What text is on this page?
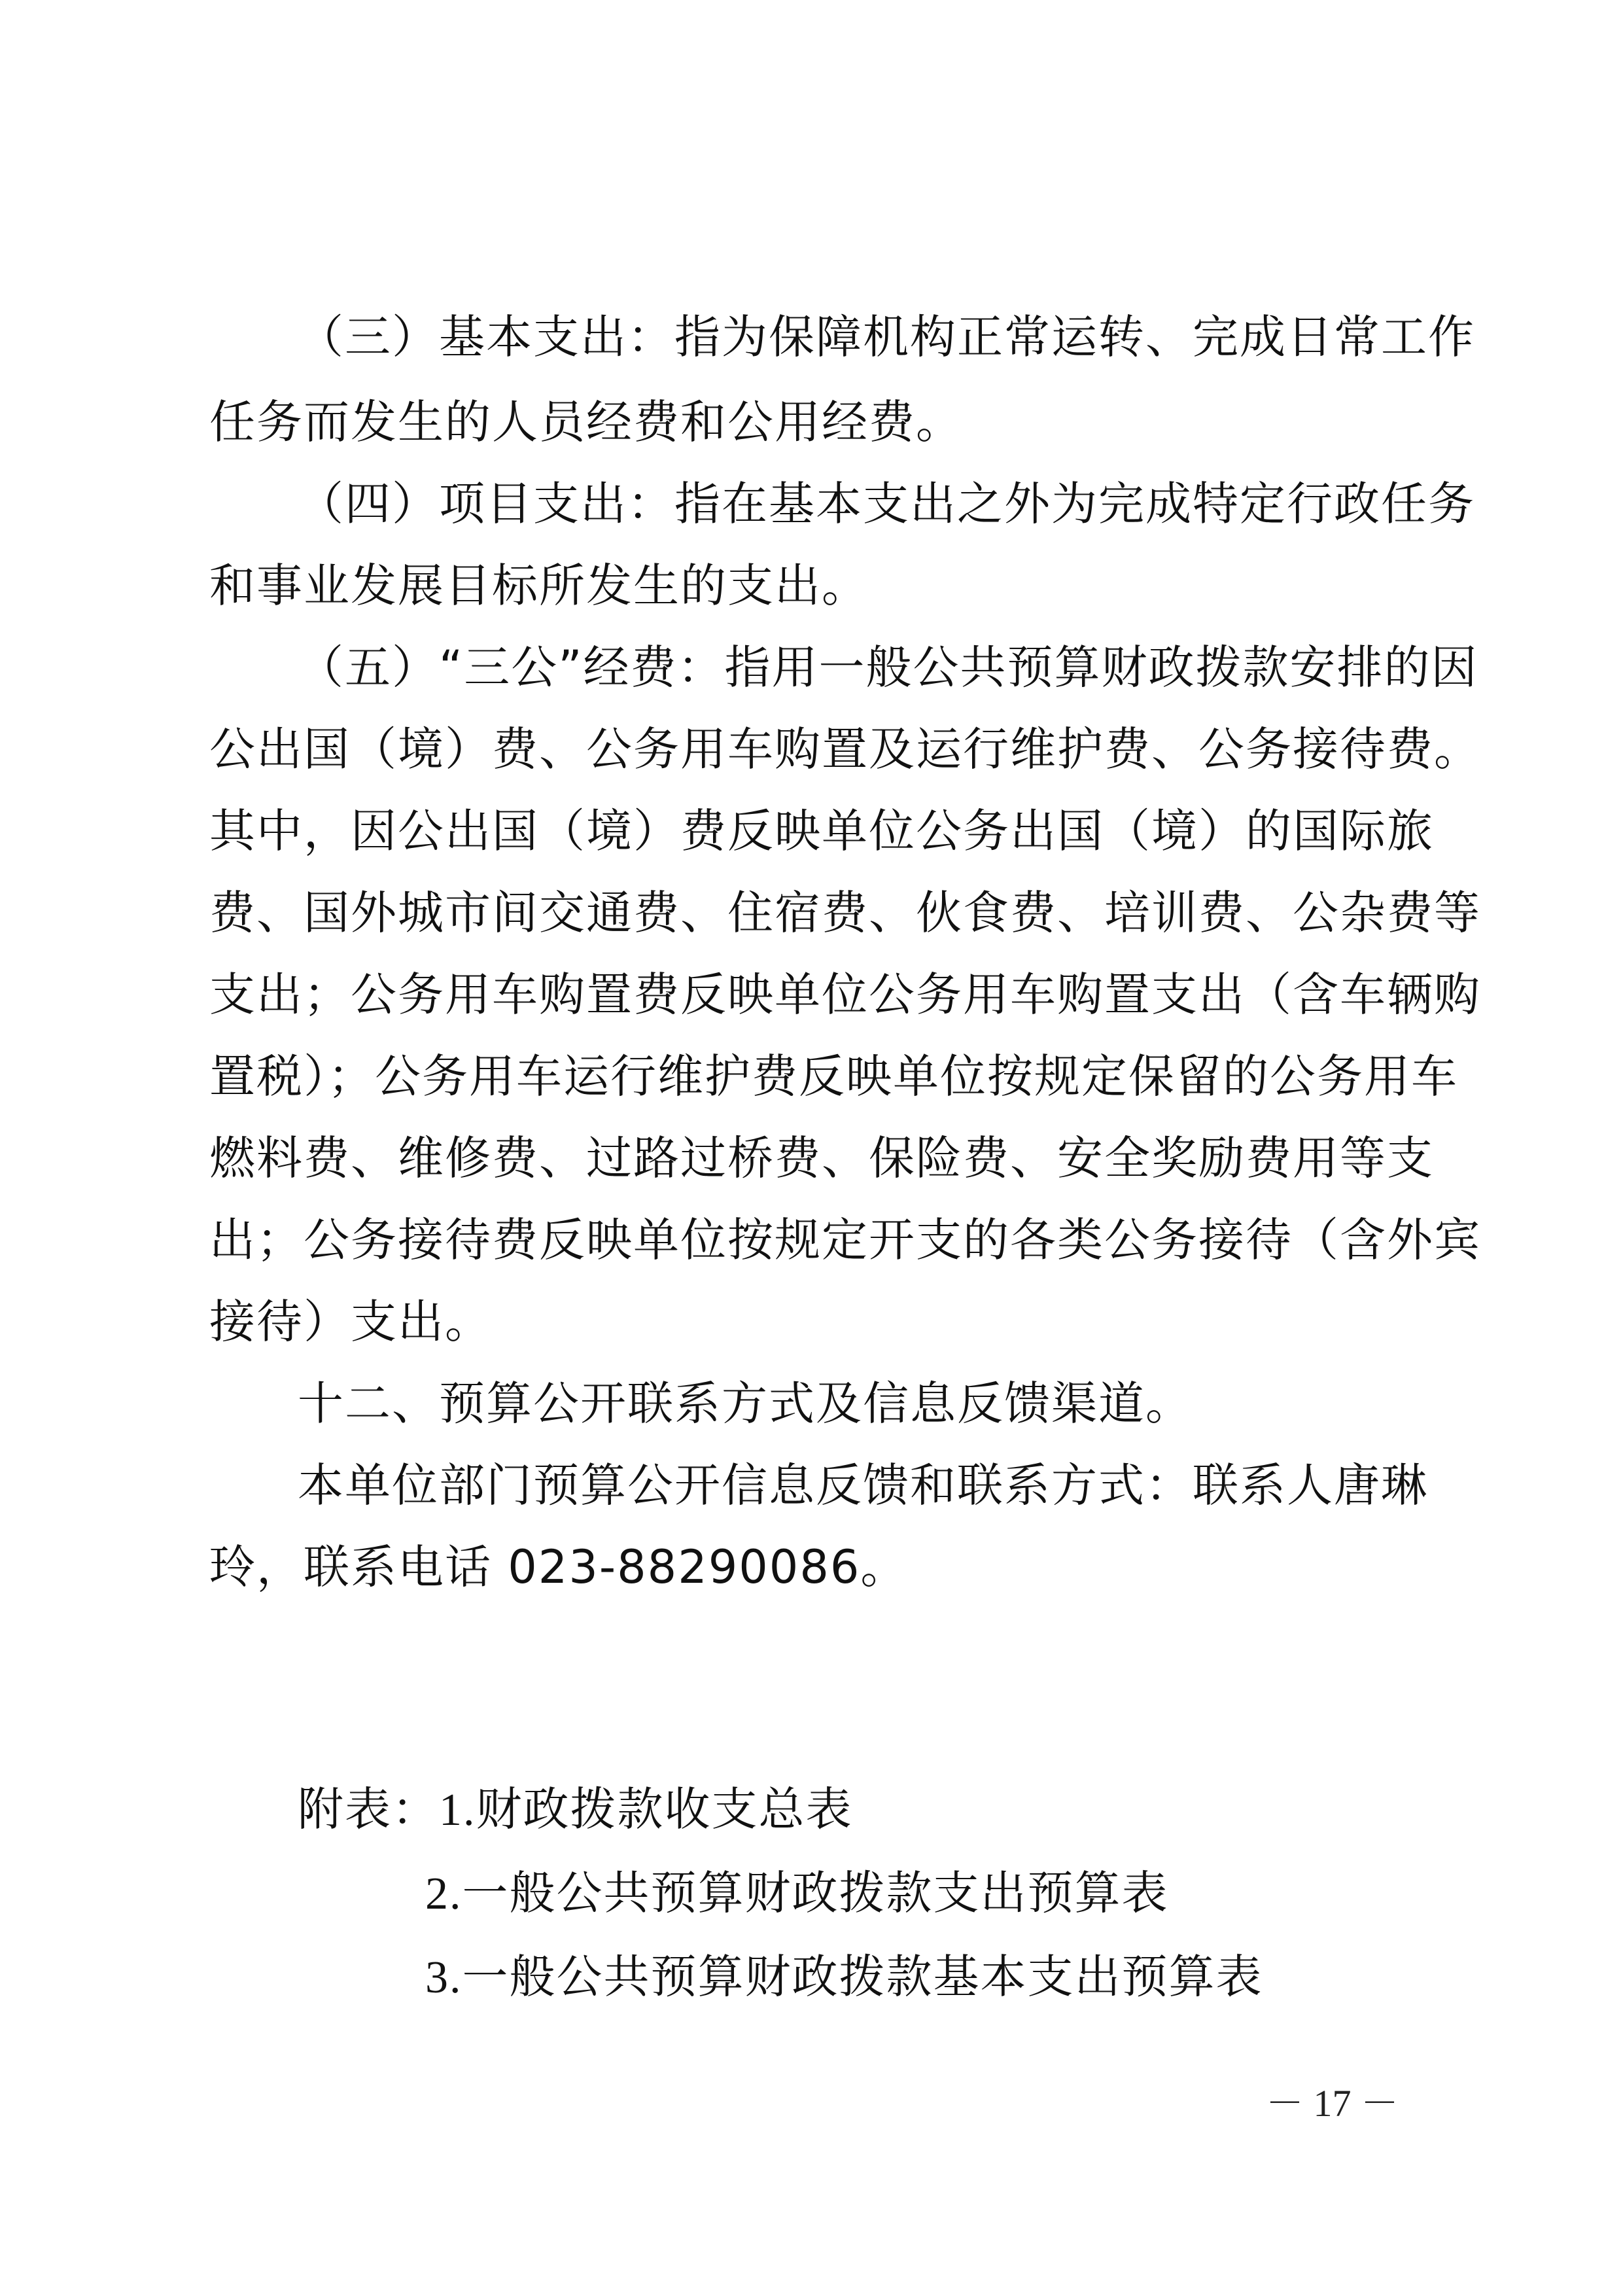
（三）基本支出：指为保障机构正常运转、完成日常工作
任务而发生的人员经费和公用经费。
（四）项目支出：指在基本支出之外为完成特定行政任务
和事业发展目标所发生的支出。
（五）“三公”经费：指用一般公共预算财政拨款安排的因
公出国（境）费、公务用车购置及运行维护费、公务接待费。
其中，因公出国（境）费反映单位公务出国（境）的国际旅
费、国外城市间交通费、住宿费、伙食费、培训费、公杂费等
支出；公务用车购置费反映单位公务用车购置支出（含车辆购
置税）；公务用车运行维护费反映单位按规定保留的公务用车
燃料费、维修费、过路过桥费、保险费、安全奖励费用等支
出；公务接待费反映单位按规定开支的各类公务接待（含外宾
接待）支出。
十二、预算公开联系方式及信息反馈渠道。
本单位部门预算公开信息反馈和联系方式：联系人唐琳
玲，联系电话 023-88290086。
附表：1.财政拨款收支总表
2.一般公共预算财政拨款支出预算表
3.一般公共预算财政拨款基本支出预算表
－ 17 －
